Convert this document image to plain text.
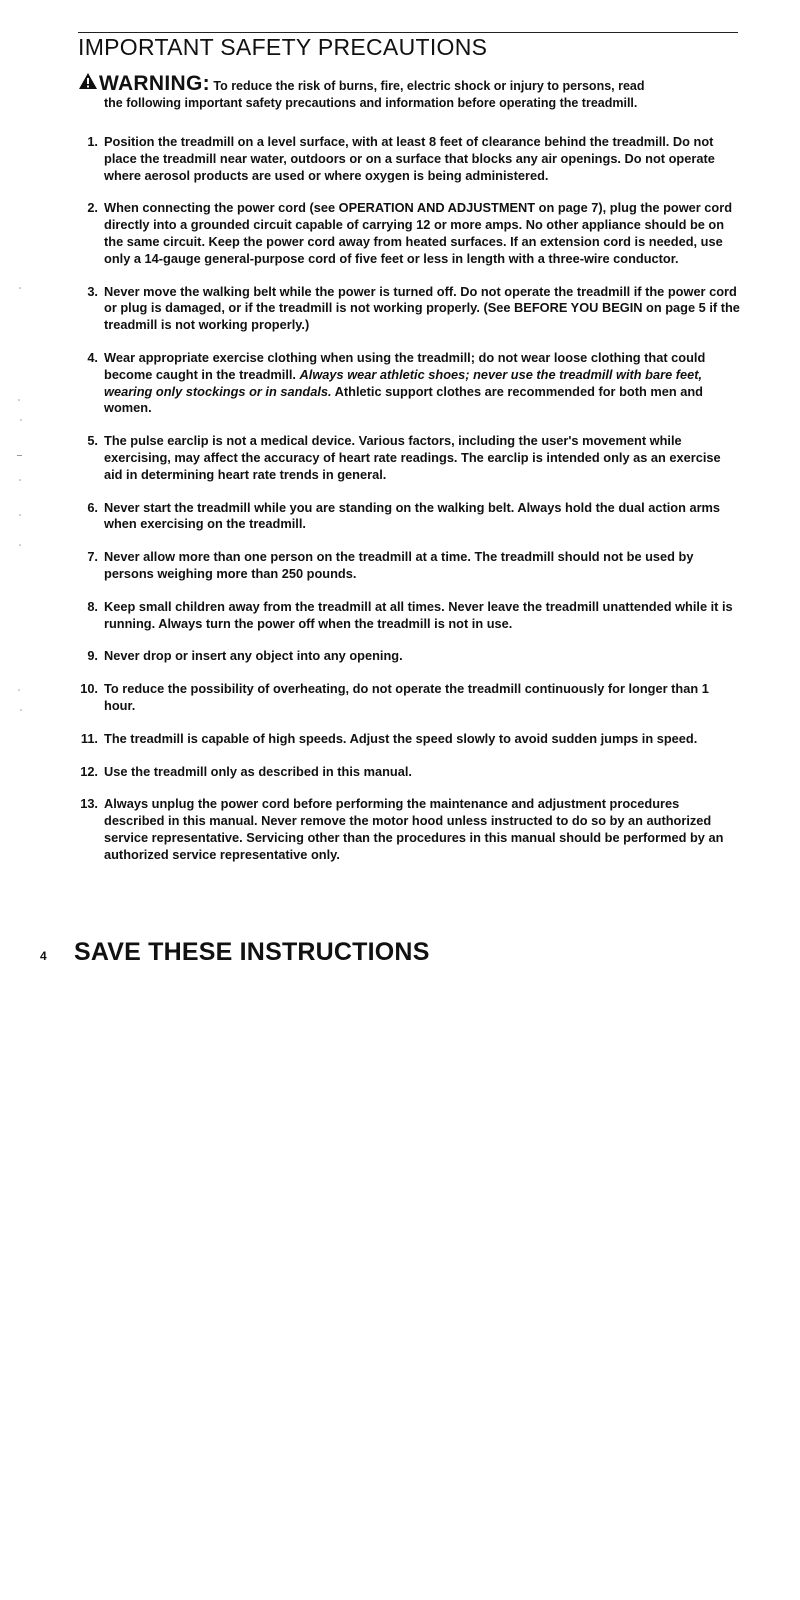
IMPORTANT SAFETY PRECAUTIONS
WARNING: To reduce the risk of burns, fire, electric shock or injury to persons, read
the following important safety precautions and information before operating the treadmill.
1. Position the treadmill on a level surface, with at least 8 feet of clearance behind the treadmill. Do not place the treadmill near water, outdoors or on a surface that blocks any air openings. Do not operate where aerosol products are used or where oxygen is being administered.
2. When connecting the power cord (see OPERATION AND ADJUSTMENT on page 7), plug the power cord directly into a grounded circuit capable of carrying 12 or more amps. No other appliance should be on the same circuit. Keep the power cord away from heated surfaces. If an extension cord is needed, use only a 14-gauge general-purpose cord of five feet or less in length with a three-wire conductor.
3. Never move the walking belt while the power is turned off. Do not operate the treadmill if the power cord or plug is damaged, or if the treadmill is not working properly. (See BEFORE YOU BEGIN on page 5 if the treadmill is not working properly.)
4. Wear appropriate exercise clothing when using the treadmill; do not wear loose clothing that could become caught in the treadmill. Always wear athletic shoes; never use the treadmill with bare feet, wearing only stockings or in sandals. Athletic support clothes are recommended for both men and women.
5. The pulse earclip is not a medical device. Various factors, including the user's movement while exercising, may affect the accuracy of heart rate readings. The earclip is intended only as an exercise aid in determining heart rate trends in general.
6. Never start the treadmill while you are standing on the walking belt. Always hold the dual action arms when exercising on the treadmill.
7. Never allow more than one person on the treadmill at a time. The treadmill should not be used by persons weighing more than 250 pounds.
8. Keep small children away from the treadmill at all times. Never leave the treadmill unattended while it is running. Always turn the power off when the treadmill is not in use.
9. Never drop or insert any object into any opening.
10. To reduce the possibility of overheating, do not operate the treadmill continuously for longer than 1 hour.
11. The treadmill is capable of high speeds. Adjust the speed slowly to avoid sudden jumps in speed.
12. Use the treadmill only as described in this manual.
13. Always unplug the power cord before performing the maintenance and adjustment procedures described in this manual. Never remove the motor hood unless instructed to do so by an authorized service representative. Servicing other than the procedures in this manual should be performed by an authorized service representative only.
4	SAVE THESE INSTRUCTIONS
